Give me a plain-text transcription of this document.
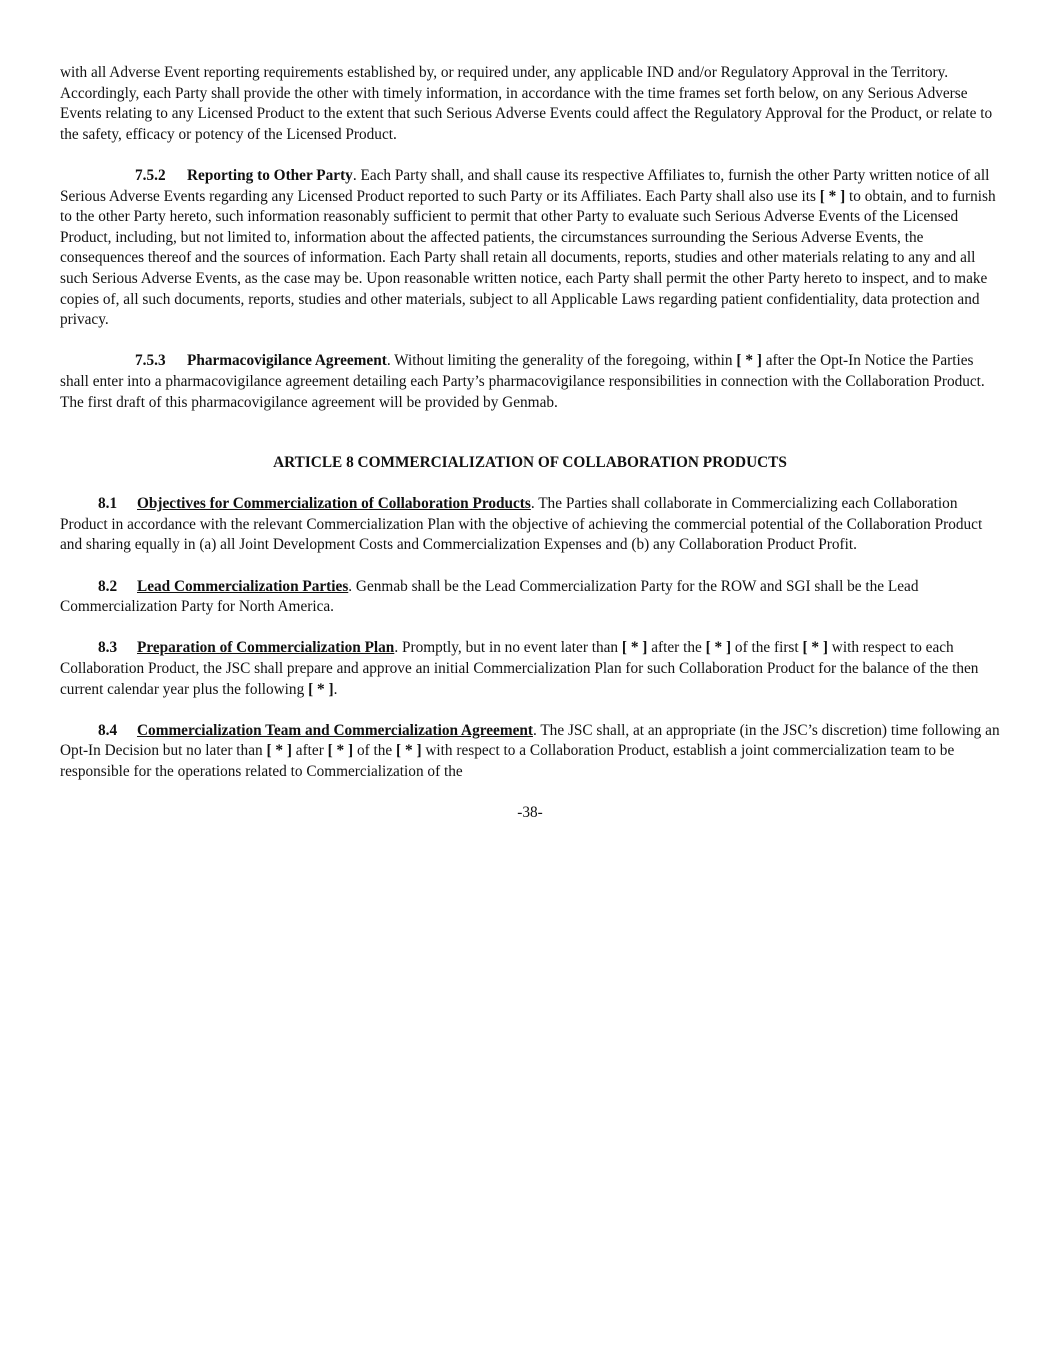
with all Adverse Event reporting requirements established by, or required under, any applicable IND and/or Regulatory Approval in the Territory. Accordingly, each Party shall provide the other with timely information, in accordance with the time frames set forth below, on any Serious Adverse Events relating to any Licensed Product to the extent that such Serious Adverse Events could affect the Regulatory Approval for the Product, or relate to the safety, efficacy or potency of the Licensed Product.

7.5.2 Reporting to Other Party. Each Party shall, and shall cause its respective Affiliates to, furnish the other Party written notice of all Serious Adverse Events regarding any Licensed Product reported to such Party or its Affiliates. Each Party shall also use its [ * ] to obtain, and to furnish to the other Party hereto, such information reasonably sufficient to permit that other Party to evaluate such Serious Adverse Events of the Licensed Product, including, but not limited to, information about the affected patients, the circumstances surrounding the Serious Adverse Events, the consequences thereof and the sources of information. Each Party shall retain all documents, reports, studies and other materials relating to any and all such Serious Adverse Events, as the case may be. Upon reasonable written notice, each Party shall permit the other Party hereto to inspect, and to make copies of, all such documents, reports, studies and other materials, subject to all Applicable Laws regarding patient confidentiality, data protection and privacy.

7.5.3 Pharmacovigilance Agreement. Without limiting the generality of the foregoing, within [ * ] after the Opt-In Notice the Parties shall enter into a pharmacovigilance agreement detailing each Party’s pharmacovigilance responsibilities in connection with the Collaboration Product. The first draft of this pharmacovigilance agreement will be provided by Genmab.

ARTICLE 8 COMMERCIALIZATION OF COLLABORATION PRODUCTS

8.1 Objectives for Commercialization of Collaboration Products. The Parties shall collaborate in Commercializing each Collaboration Product in accordance with the relevant Commercialization Plan with the objective of achieving the commercial potential of the Collaboration Product and sharing equally in (a) all Joint Development Costs and Commercialization Expenses and (b) any Collaboration Product Profit.

8.2 Lead Commercialization Parties. Genmab shall be the Lead Commercialization Party for the ROW and SGI shall be the Lead Commercialization Party for North America.

8.3 Preparation of Commercialization Plan. Promptly, but in no event later than [ * ] after the [ * ] of the first [ * ] with respect to each Collaboration Product, the JSC shall prepare and approve an initial Commercialization Plan for such Collaboration Product for the balance of the then current calendar year plus the following [ * ].

8.4 Commercialization Team and Commercialization Agreement. The JSC shall, at an appropriate (in the JSC’s discretion) time following an Opt-In Decision but no later than [ * ] after [ * ] of the [ * ] with respect to a Collaboration Product, establish a joint commercialization team to be responsible for the operations related to Commercialization of the

-38-
